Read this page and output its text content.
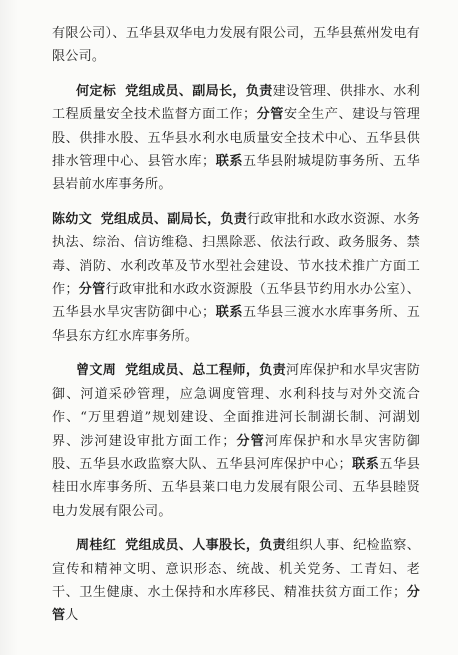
有限公司）、五华县双华电力发展有限公司，五华县蕉州发电有限公司。

何定标 党组成员、副局长，负责建设管理、供排水、水利工程质量安全技术监督方面工作；分管安全生产、建设与管理股、供排水股、五华县水利水电质量安全技术中心、五华县供排水管理中心、县管水库；联系五华县附城堤防事务所、五华县岩前水库事务所。

陈幼文 党组成员、副局长，负责行政审批和水政水资源、水务执法、综治、信访维稳、扫黑除恶、依法行政、政务服务、禁毒、消防、水利改革及节水型社会建设、节水技术推广方面工作；分管行政审批和水政水资源股（五华县节约用水办公室）、五华县水旱灾害防御中心；联系五华县三渡水水库事务所、五华县东方红水库事务所。

曾文周 党组成员、总工程师，负责河库保护和水旱灾害防御、河道采砂管理，应急调度管理、水利科技与对外交流合作、“万里碧道”规划建设、全面推进河长制湖长制、河湖划界、涉河建设审批方面工作；分管河库保护和水旱灾害防御股、五华县水政监察大队、五华县河库保护中心；联系五华县桂田水库事务所、五华县莱口电力发展有限公司、五华县睦贤电力发展有限公司。

周桂红 党组成员、人事股长，负责组织人事、纪检监察、宣传和精神文明、意识形态、统战、机关党务、工青妇、老干、卫生健康、水土保持和水库移民、精准扶贫方面工作；分管人
